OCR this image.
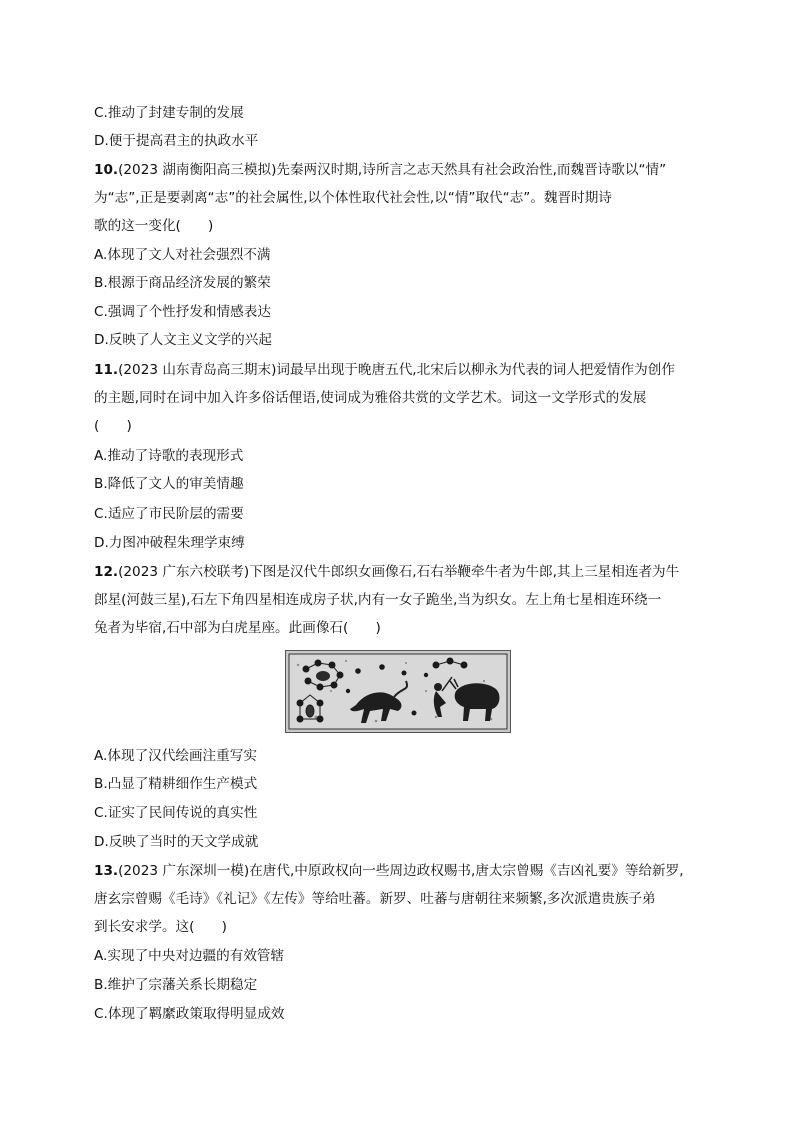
C.推动了封建专制的发展
D.便于提高君主的执政水平
10.(2023 湖南衡阳高三模拟)先秦两汉时期,诗所言之志天然具有社会政治性,而魏晋诗歌以“情”
为“志”,正是要剥离“志”的社会属性,以个体性取代社会性,以“情”取代“志”。魏晋时期诗
歌的这一变化(　　)
A.体现了文人对社会强烈不满
B.根源于商品经济发展的繁荣
C.强调了个性抒发和情感表达
D.反映了人文主义文学的兴起
11.(2023 山东青岛高三期末)词最早出现于晚唐五代,北宋后以柳永为代表的词人把爱情作为创作
的主题,同时在词中加入许多俗话俚语,使词成为雅俗共赏的文学艺术。词这一文学形式的发展
(　　)
A.推动了诗歌的表现形式
B.降低了文人的审美情趣
C.适应了市民阶层的需要
D.力图冲破程朱理学束缚
12.(2023 广东六校联考)下图是汉代牛郎织女画像石,石右举鞭牵牛者为牛郎,其上三星相连者为牛
郎星(河鼓三星),石左下角四星相连成房子状,内有一女子跪坐,当为织女。左上角七星相连环绕一
兔者为毕宿,石中部为白虎星座。此画像石(　　)
A.体现了汉代绘画注重写实
B.凸显了精耕细作生产模式
C.证实了民间传说的真实性
D.反映了当时的天文学成就
13.(2023 广东深圳一模)在唐代,中原政权向一些周边政权赐书,唐太宗曾赐《吉凶礼要》等给新罗,
唐玄宗曾赐《毛诗》《礼记》《左传》等给吐蕃。新罗、吐蕃与唐朝往来频繁,多次派遣贵族子弟
到长安求学。这(　　)
A.实现了中央对边疆的有效管辖
B.维护了宗藩关系长期稳定
C.体现了羁縻政策取得明显成效
